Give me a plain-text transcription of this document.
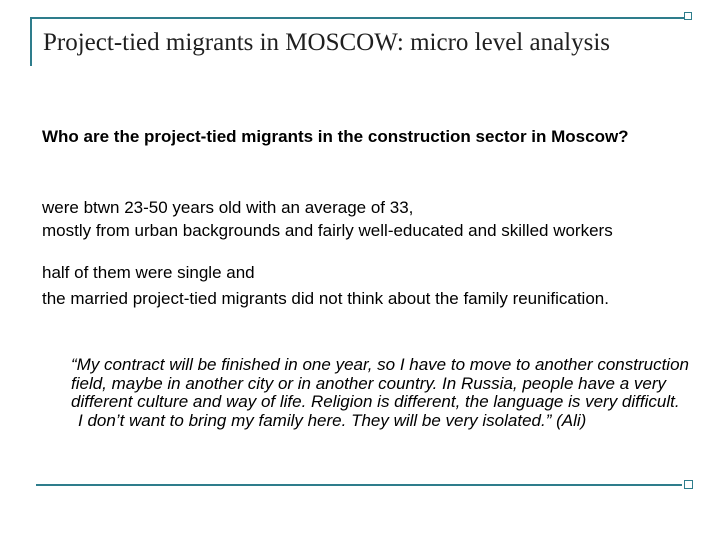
Project-tied migrants in MOSCOW: micro level analysis

Who are the project-tied migrants in the construction sector in Moscow?

were btwn 23-50 years old with an average of 33,

mostly from urban backgrounds and fairly well-educated and skilled workers

half of them were single and

the married project-tied migrants did not think about the family reunification.

“My contract will be finished in one year, so I have to move to another construction field, maybe in another city or in another country. In Russia, people have a very different culture and way of life. Religion is different, the language is very difficult.
I don’t want to bring my family here. They will be very isolated.” (Ali)
